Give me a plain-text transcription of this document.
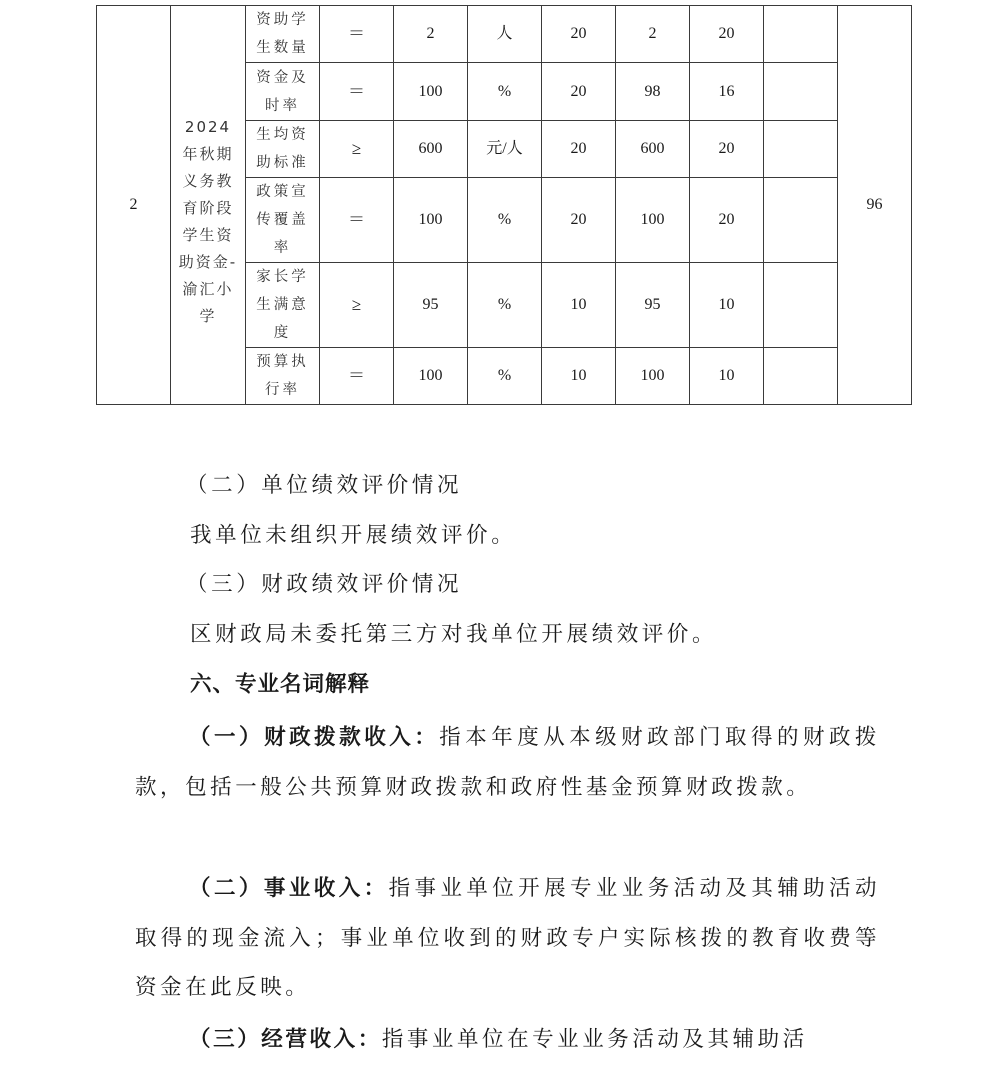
2	2024 年秋期义务教育阶段学生资助资金-渝汇小学	资助学生数量	＝	2	人	20	2	20		96
		资金及时率	＝	100	%	20	98	16		
		生均资助标准	≥	600	元/人	20	600	20		
		政策宣传覆盖率	＝	100	%	20	100	20		
		家长学生满意度	≥	95	%	10	95	10		
		预算执行率	＝	100	%	10	100	10		
（二）单位绩效评价情况
我单位未组织开展绩效评价。
（三）财政绩效评价情况
区财政局未委托第三方对我单位开展绩效评价。
六、专业名词解释

（一）财政拨款收入：指本年度从本级财政部门取得的财政拨款，包括一般公共预算财政拨款和政府性基金预算财政拨款。

（二）事业收入：指事业单位开展专业业务活动及其辅助活动取得的现金流入；事业单位收到的财政专户实际核拨的教育收费等资金在此反映。

（三）经营收入：指事业单位在专业业务活动及其辅助活
